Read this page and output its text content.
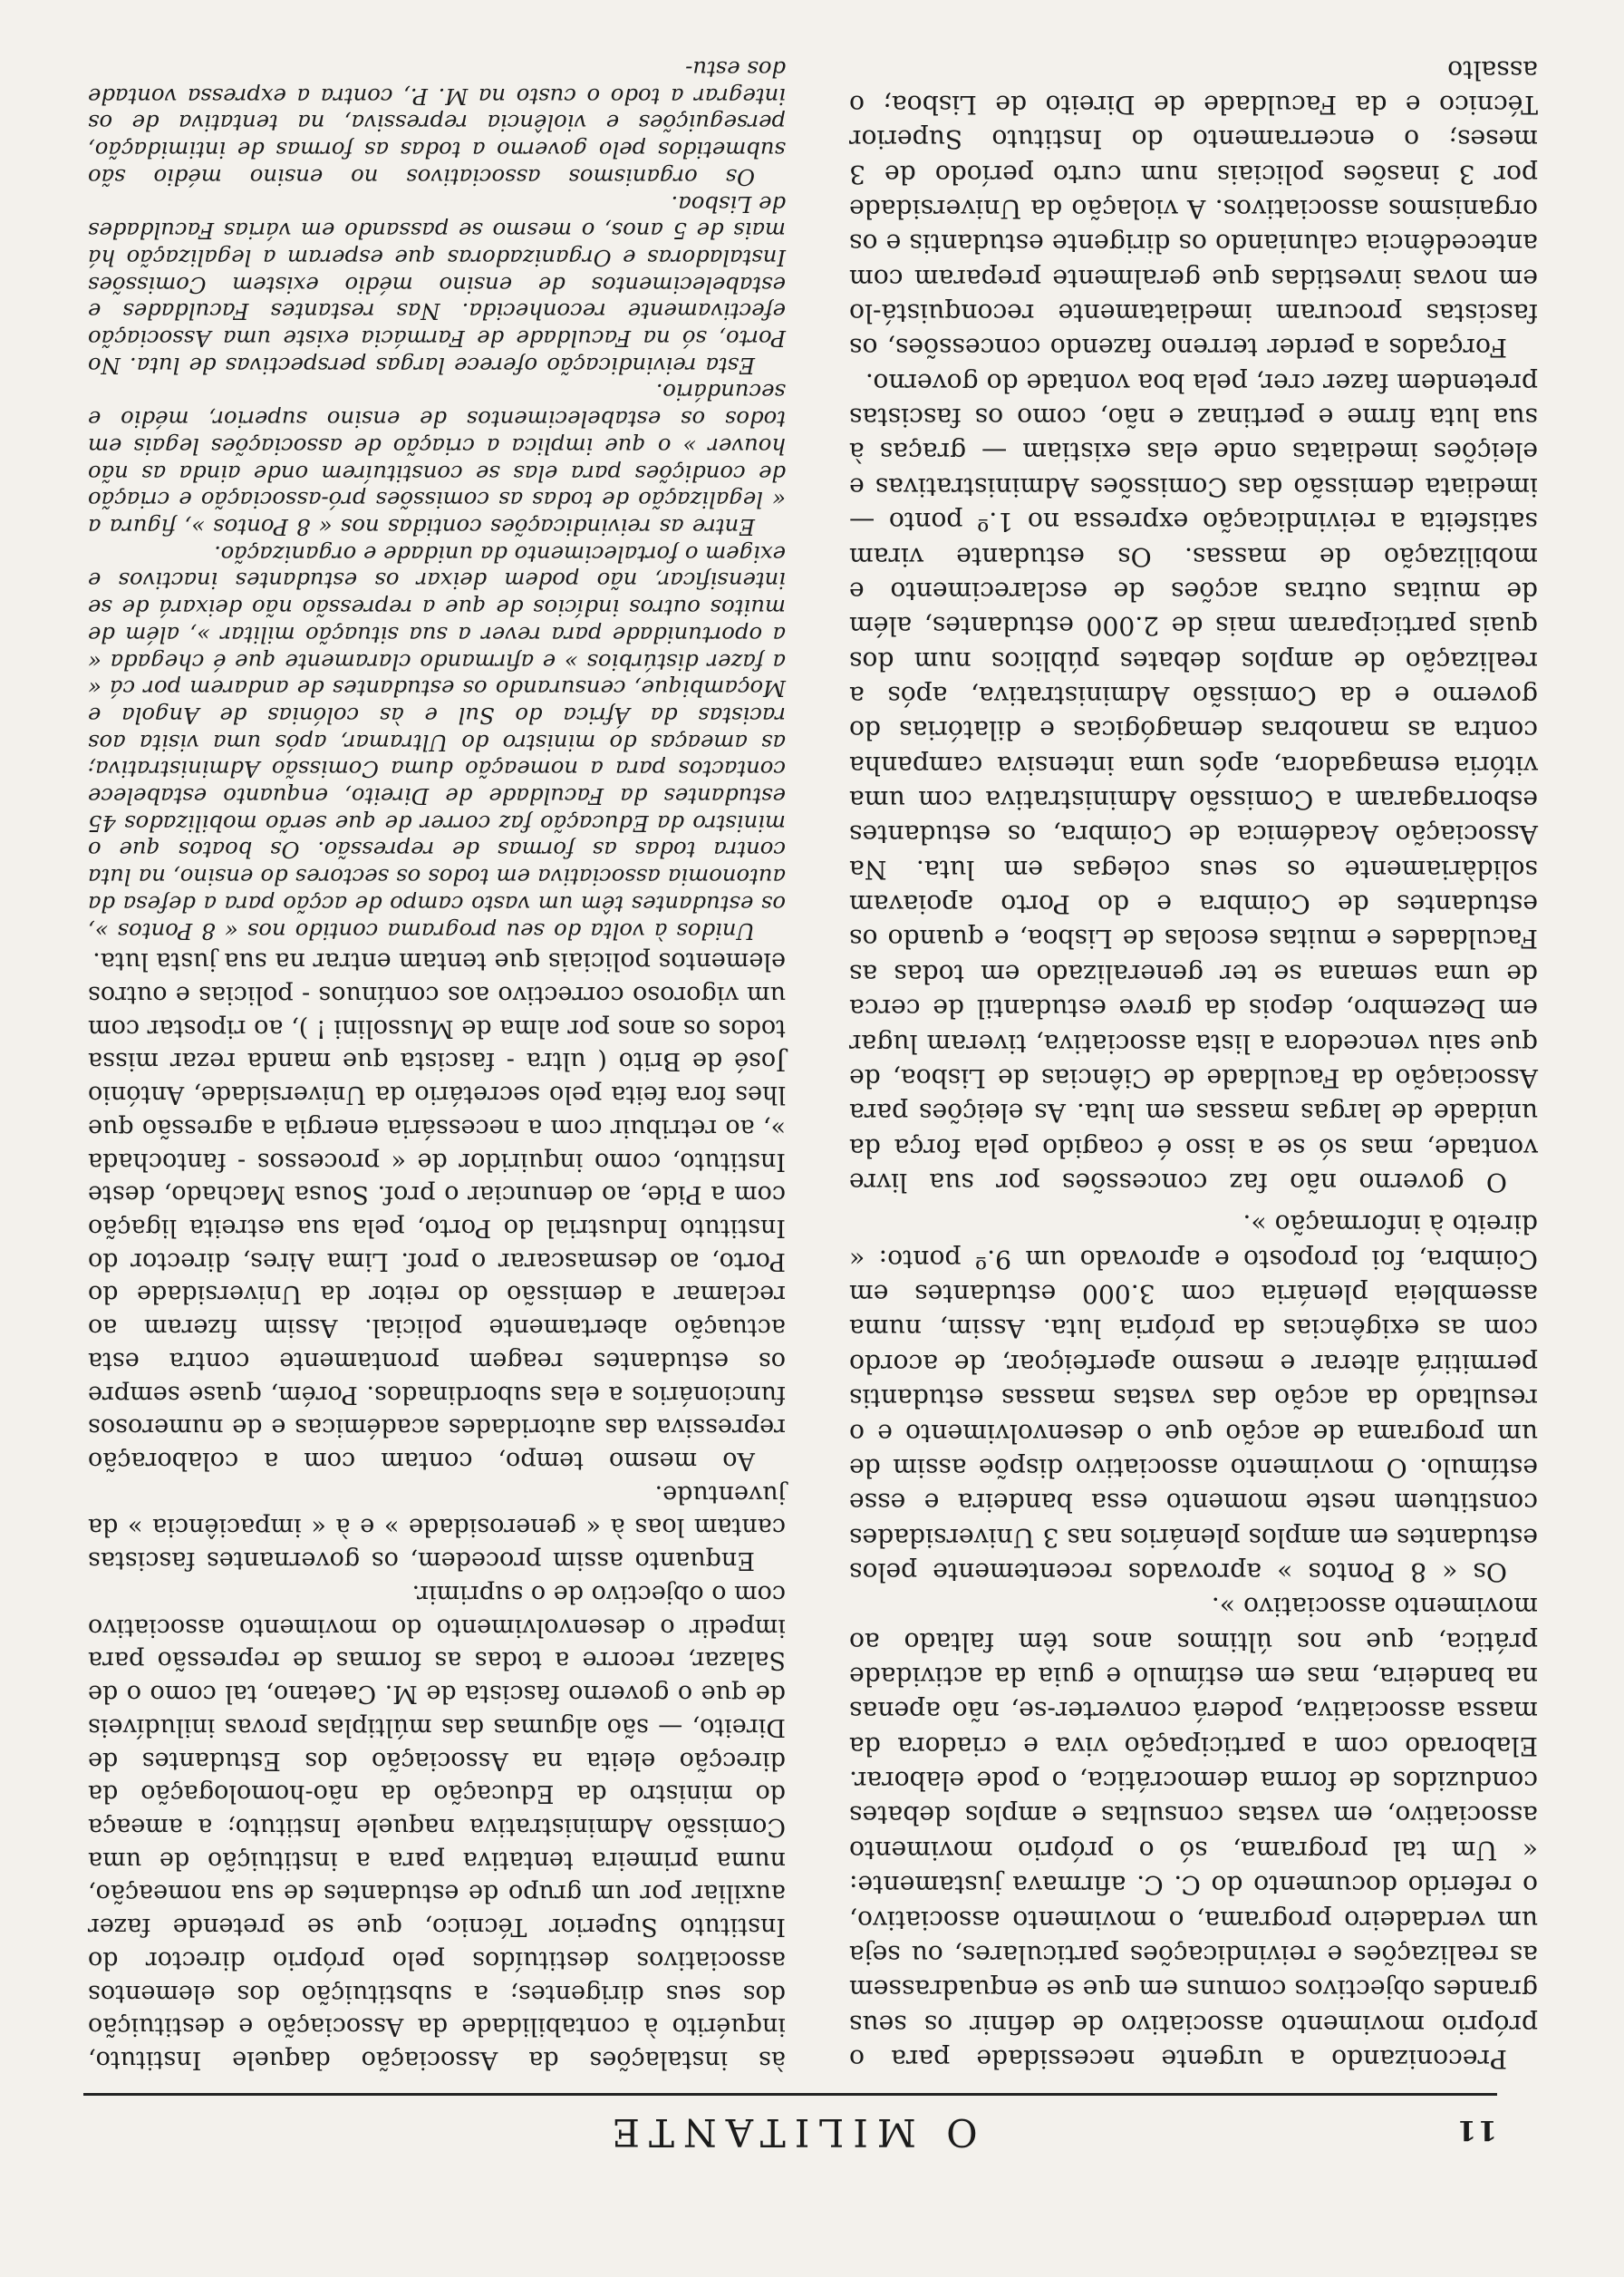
11
O MILITANTE

Preconizando a urgente necessidade para o próprio movimento associativo de definir os seus grandes objectivos comuns em que se enquadrassem as realizações e reivindicações particulares, ou seja um verdadeiro programa, o movimento associativo, o referido documento do C. C. afirmava justamente: « Um tal programa, só o próprio movimento associativo, em vastas consultas e amplos debates conduzidos de forma democrática, o pode elaborar. Elaborado com a participação viva e criadora da massa associativa, poderá converter-se, não apenas na bandeira, mas em estímulo e guia da actividade prática, que nos últimos anos têm faltado ao movimento associativo ».

Os « 8 Pontos » aprovados recentemente pelos estudantes em amplos plenários nas 3 Universidades constituem neste momento essa bandeira e esse estímulo. O movimento associativo dispõe assim de um programa de acção que o desenvolvimento e o resultado da acção das vastas massas estudantis permitirá alterar e mesmo aperfeiçoar, de acordo com as exigências da própria luta. Assim, numa assembleia plenária com 3.000 estudantes em Coimbra, foi proposto e aprovado um 9.º ponto: « direito à informação ».

O governo não faz concessões por sua livre vontade, mas só se a isso é coagido pela força da unidade de largas massas em luta. As eleições para Associação da Faculdade de Ciências de Lisboa, de que saiu vencedora a lista associativa, tiveram lugar em Dezembro, depois da greve estudantil de cerca de uma semana se ter generalizado em todas as Faculdades e muitas escolas de Lisboa, e quando os estudantes de Coimbra e do Porto apoiavam solidàriamente os seus colegas em luta. Na Associação Académica de Coimbra, os estudantes esborragaram a Comissão Administrativa com uma vitória esmagadora, após uma intensiva campanha contra as manobras demagógicas e dilatórias do governo e da Comissão Administrativa, após a realização de amplos debates públicos num dos quais participaram mais de 2.000 estudantes, além de muitas outras acções de esclarecimento e mobilização de massas. Os estudante viram satisfeita a reivindicação expressa no 1.º ponto — imediata demissão das Comissões Administrativas e eleições imediatas onde elas existiam — graças à sua luta firme e pertinaz e não, como os fascistas pretendem fazer crer, pela boa vontade do governo.

Forçados a perder terreno fazendo concessões, os fascistas procuram imediatamente reconquistá-lo em novas investidas que geralmente preparam com antecedência caluniando os dirigente estudantis e os organismos associativos. A violação da Universidade por 3 inasões policiais num curto período de 3 meses; o encerramento do Instituto Superior Técnico e da Faculdade de Direito de Lisboa; o assalto

às instalações da Associação daquele Instituto, inquérito à contabilidade da Associação e destituição dos seus dirigentes; a substituição dos elementos associativos destituídos pelo próprio director do Instituto Superior Técnico, que se pretende fazer auxiliar por um grupo de estudantes de sua nomeação, numa primeira tentativa para a instituição de uma Comissão Administrativa naquele Instituto; a ameaça do ministro da Educação da não-homologação da direcção eleita na Associação dos Estudantes de Direito, — são algumas das múltiplas provas iniludíveis de que o governo fascista de M. Caetano, tal como o de Salazar, recorre a todas as formas de repressão para impedir o desenvolvimento do movimento associativo com o objectivo de o suprimir.

Enquanto assim procedem, os governantes fascistas cantam loas à « generosidade » e à « impaciência » da juventude.

Ao mesmo tempo, contam com a colaboração repressiva das autoridades académicas e de numerosos funcionários a elas subordinados. Porém, quase sempre os estudantes reagem prontamente contra esta actuação abertamente policial. Assim fizeram ao reclamar a demissão do reitor da Universidade do Porto, ao desmascarar o prof. Lima Aires, director do Instituto Industrial do Porto, pela sua estreita ligação com a Pide, ao denunciar o prof. Sousa Machado, deste Instituto, como inquiridor de « processos - fantochada », ao retribuir com a necessária energia a agressão que lhes fora feita pelo secretário da Universidade, António José de Brito ( ultra - fascista que manda rezar missa todos os anos por alma de Mussolini ! ), ao ripostar com um vigoroso correctivo aos contínuos - policias e outros elementos policiais que tentam entrar na sua justa luta.

Unidos à volta do seu programa contido nos « 8 Pontos », os estudantes têm um vasto campo de acção para a defesa da autonomia associativa em todos os sectores do ensino, na luta contra todas as formas de repressão. Os boatos que o ministro da Educação faz correr de que serão mobilizados 45 estudantes da Faculdade de Direito, enquanto estabelece contactos para a nomeação duma Comissão Administrativa; as ameaças do ministro do Ultramar, após uma visita aos racistas da África do Sul e às colónias de Angola e Moçambique, censurando os estudantes de andarem por cá « a fazer distúrbios » e afirmando claramente que é chegada « a oportunidade para rever a sua situação militar », além de muitos outros indícios de que a repressão não deixará de se intensificar, não podem deixar os estudantes inactivos e exigem o fortalecimento da unidade e organização.

Entre as reivindicações contidas nos « 8 Pontos », figura a « legalização de todas as comissões pró-associação e criação de condições para elas se constituírem onde ainda as não houver » o que implica a criação de associações legais em todos os estabelecimentos de ensino superior, médio e secundário.

Esta reivindicação oferece largas perspectivas de luta. No Porto, só na Faculdade de Farmácia existe uma Associação efectivamente reconhecida. Nas restantes Faculdades e estabelecimentos de ensino médio existem Comissões Instaladoras e Organizadoras que esperam a legalização há mais de 5 anos, o mesmo se passando em várias Faculdades de Lisboa.

Os organismos associativos no ensino médio são submetidos pelo governo a todas as formas de intimidação, perseguições e violência repressiva, na tentativa de os integrar a todo o custo na M. P., contra a expressa vontade dos estu-
